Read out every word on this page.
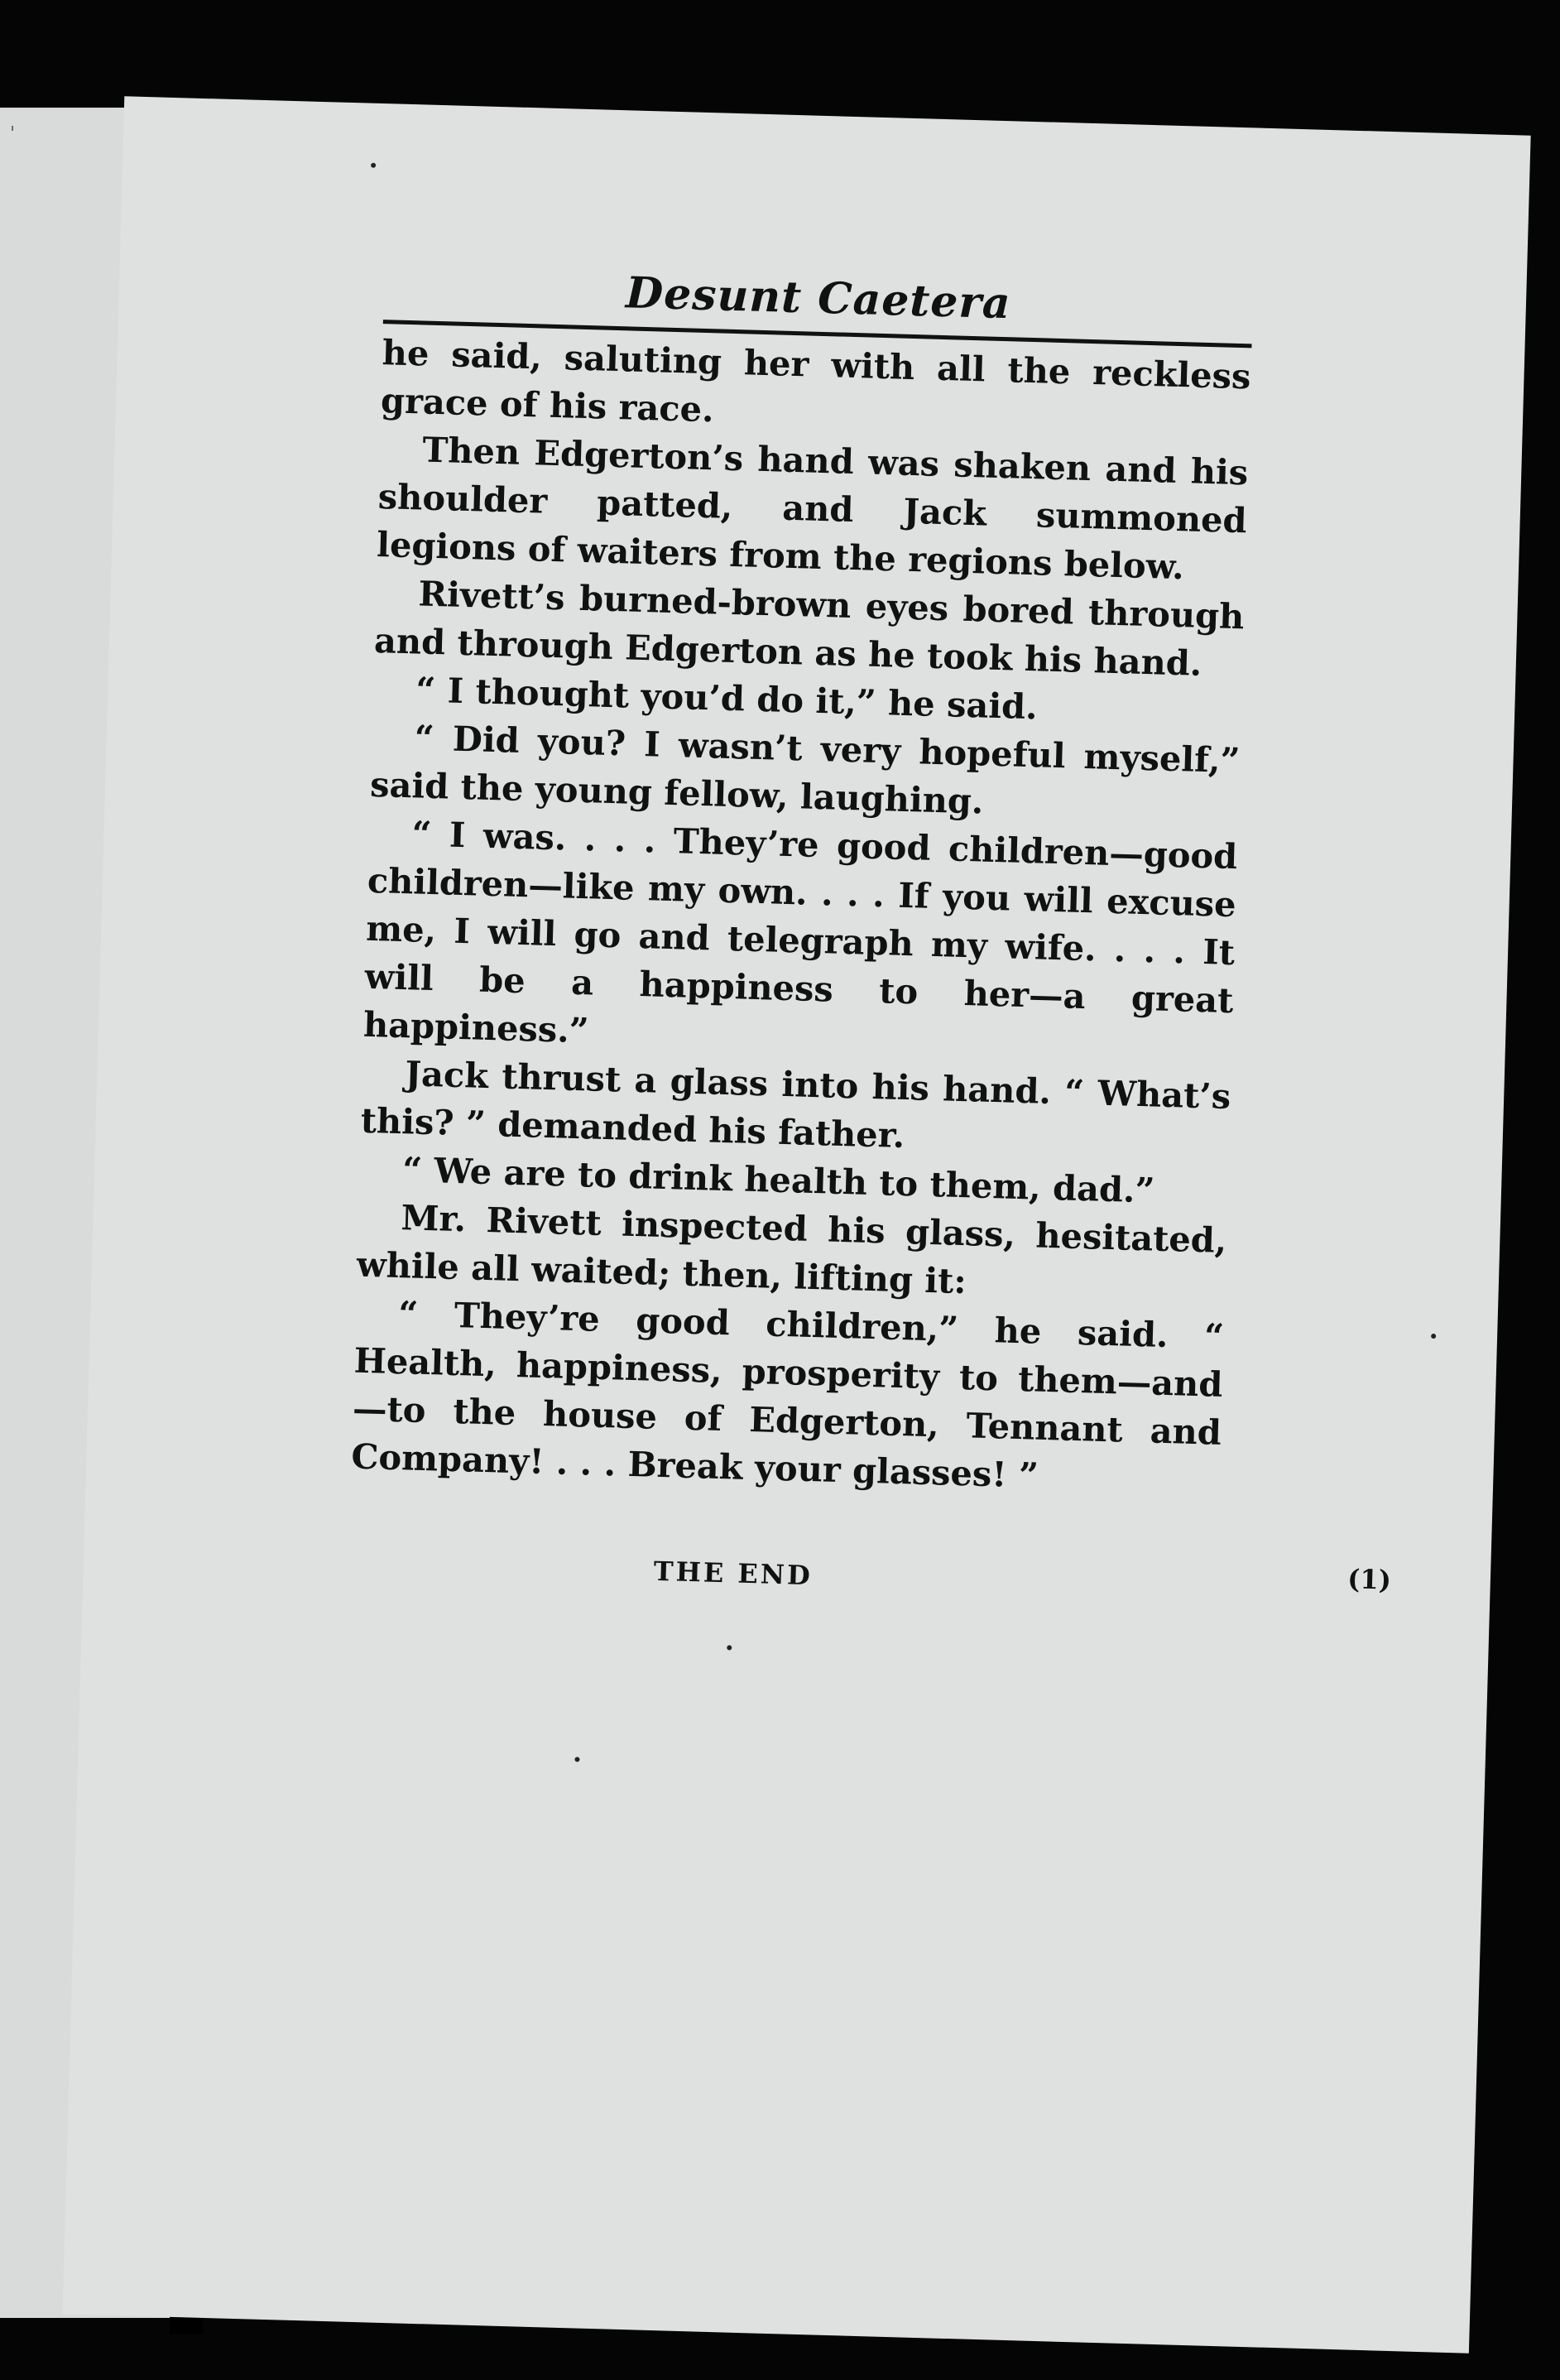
ˈ
Desunt Caetera

he said, saluting her with all the reckless grace of his race.

Then Edgerton’s hand was shaken and his shoulder patted, and Jack summoned legions of waiters from the regions below.

Rivett’s burned-brown eyes bored through and through Edgerton as he took his hand.

“ I thought you’d do it,” he said.

“ Did you? I wasn’t very hopeful myself,” said the young fellow, laughing.

“ I was. . . . They’re good children—good children—like my own. . . . If you will excuse me, I will go and telegraph my wife. . . . It will be a happiness to her—a great happiness.”

Jack thrust a glass into his hand. “ What’s this? ” demanded his father.

“ We are to drink health to them, dad.”

Mr. Rivett inspected his glass, hesitated, while all waited; then, lifting it:

“ They’re good children,” he said. “ Health, happiness, prosperity to them—and—to the house of Edgerton, Tennant and Company! . . . Break your glasses! ”

THE END	(1)
